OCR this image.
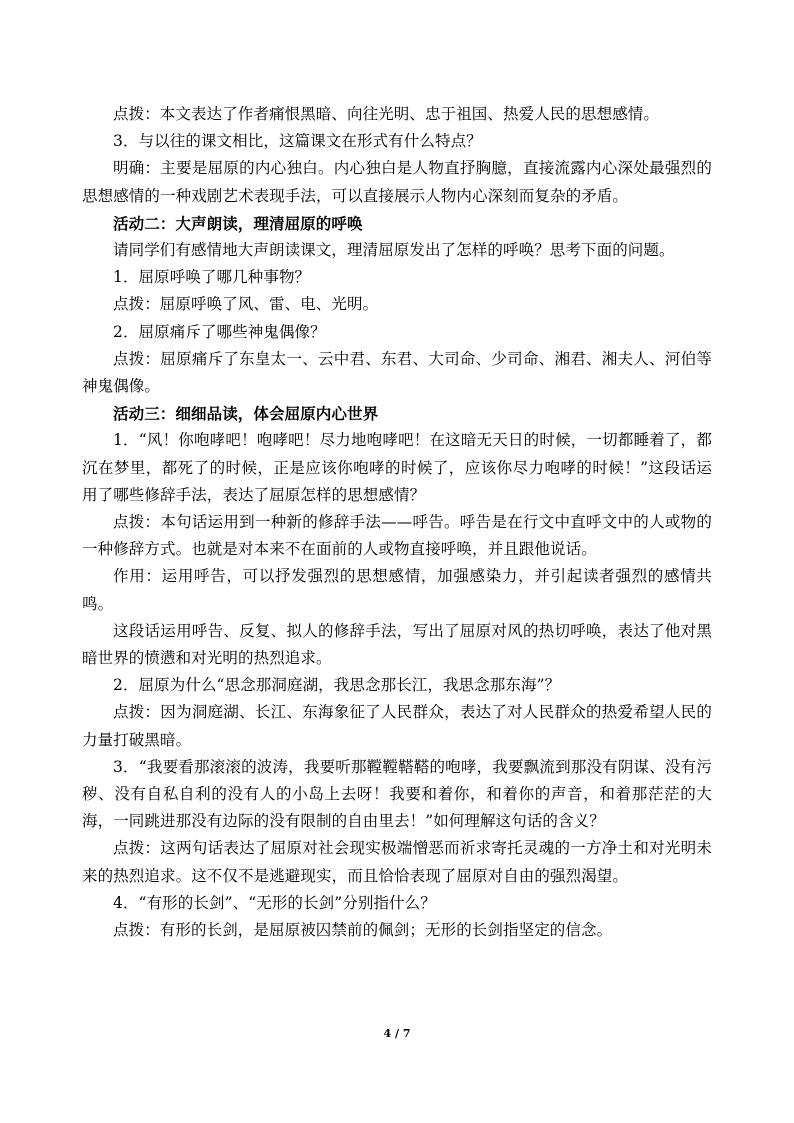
点拨：本文表达了作者痛恨黑暗、向往光明、忠于祖国、热爱人民的思想感情。

3．与以往的课文相比，这篇课文在形式有什么特点？

明确：主要是屈原的内心独白。内心独白是人物直抒胸臆，直接流露内心深处最强烈的思想感情的一种戏剧艺术表现手法，可以直接展示人物内心深刻而复杂的矛盾。

活动二：大声朗读，理清屈原的呼唤

请同学们有感情地大声朗读课文，理清屈原发出了怎样的呼唤？思考下面的问题。

1．屈原呼唤了哪几种事物？

点拨：屈原呼唤了风、雷、电、光明。

2．屈原痛斥了哪些神鬼偶像？

点拨：屈原痛斥了东皇太一、云中君、东君、大司命、少司命、湘君、湘夫人、河伯等神鬼偶像。

活动三：细细品读，体会屈原内心世界

1．“风！你咆哮吧！咆哮吧！尽力地咆哮吧！在这暗无天日的时候，一切都睡着了，都沉在梦里，都死了的时候，正是应该你咆哮的时候了，应该你尽力咆哮的时候！”这段话运用了哪些修辞手法，表达了屈原怎样的思想感情？

点拨：本句话运用到一种新的修辞手法——呼告。呼告是在行文中直呼文中的人或物的一种修辞方式。也就是对本来不在面前的人或物直接呼唤，并且跟他说话。

作用：运用呼告，可以抒发强烈的思想感情，加强感染力，并引起读者强烈的感情共鸣。

这段话运用呼告、反复、拟人的修辞手法，写出了屈原对风的热切呼唤，表达了他对黑暗世界的愤懑和对光明的热烈追求。

2．屈原为什么“思念那洞庭湖，我思念那长江，我思念那东海”？

点拨：因为洞庭湖、长江、东海象征了人民群众，表达了对人民群众的热爱希望人民的力量打破黑暗。

3．“我要看那滚滚的波涛，我要听那鞺鞺鞳鞳的咆哮，我要飘流到那没有阴谋、没有污秽、没有自私自利的没有人的小岛上去呀！我要和着你，和着你的声音，和着那茫茫的大海，一同跳进那没有边际的没有限制的自由里去！”如何理解这句话的含义？

点拨：这两句话表达了屈原对社会现实极端憎恶而祈求寄托灵魂的一方净土和对光明未来的热烈追求。这不仅不是逃避现实，而且恰恰表现了屈原对自由的强烈渴望。

4．“有形的长剑”、“无形的长剑”分别指什么？

点拨：有形的长剑，是屈原被囚禁前的佩剑；无形的长剑指坚定的信念。

4 / 7
